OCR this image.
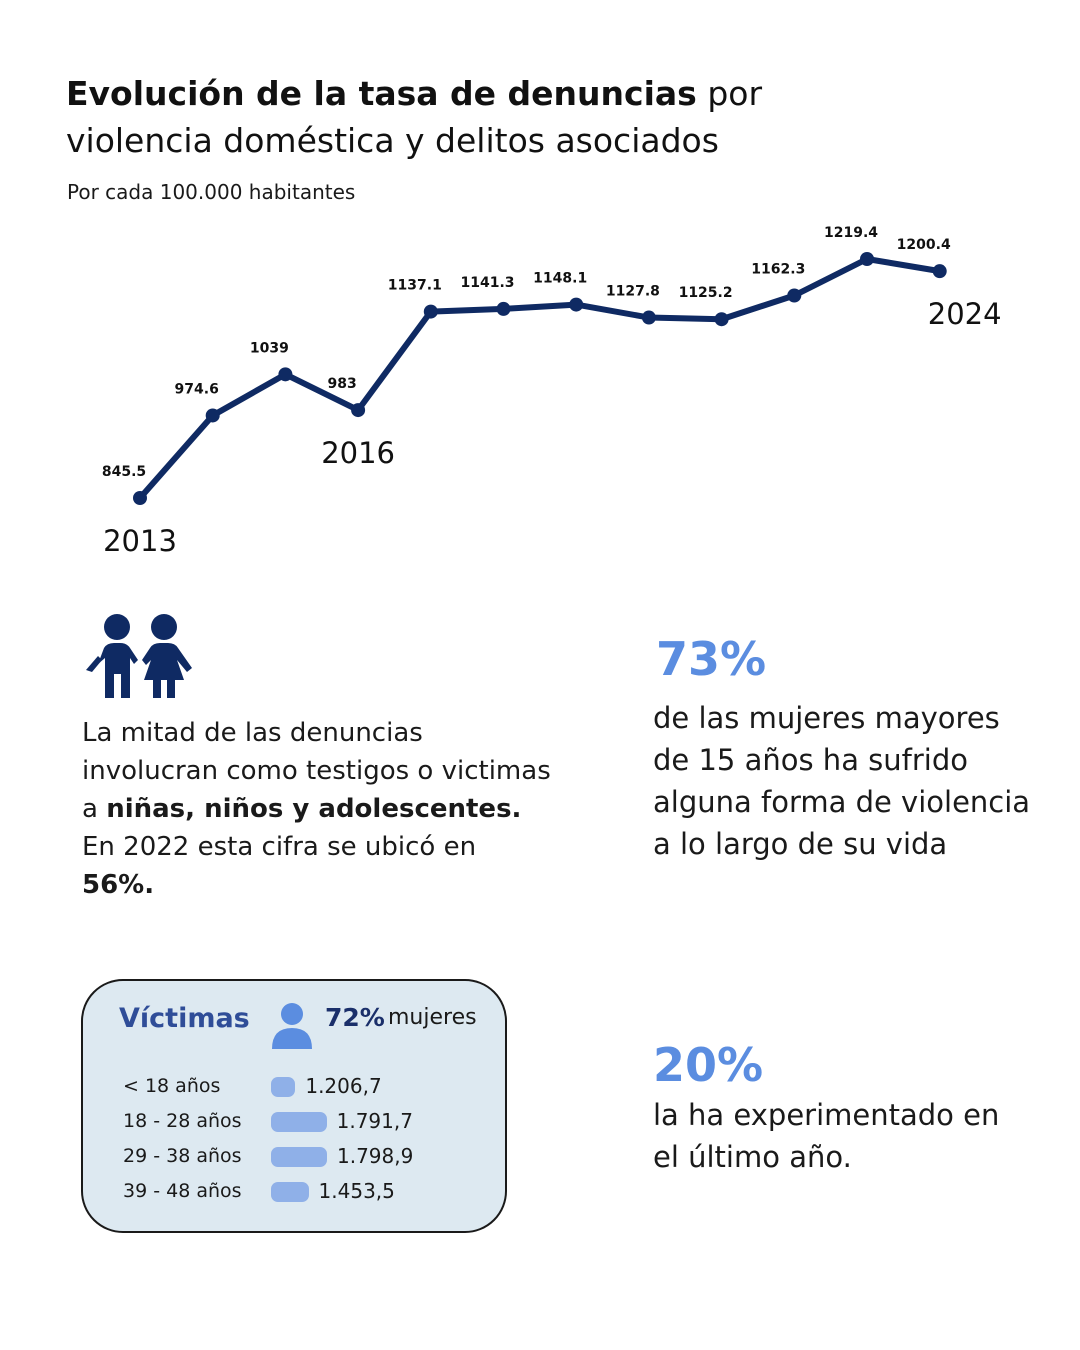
Evolución de la tasa de denuncias por
violencia doméstica y delitos asociados
Por cada 100.000 habitantes
845.5
974.6
1039
983
1137.1 1141.3 1148.1
1127.8 1125.2
1162.3
1219.4
1200.4
2013
2016
2024
La mitad de las denuncias involucran como testigos o victimas a niñas, niños y adolescentes. En 2022 esta cifra se ubicó en 56%.
73%
de las mujeres mayores de 15 años ha sufrido alguna forma de violencia a lo largo de su vida
20%
la ha experimentado en el último año.
Víctimas	72% mujeres
< 18 años	1.206,7
18 - 28 años	1.791,7
29 - 38 años	1.798,9
39 - 48 años	1.453,5
